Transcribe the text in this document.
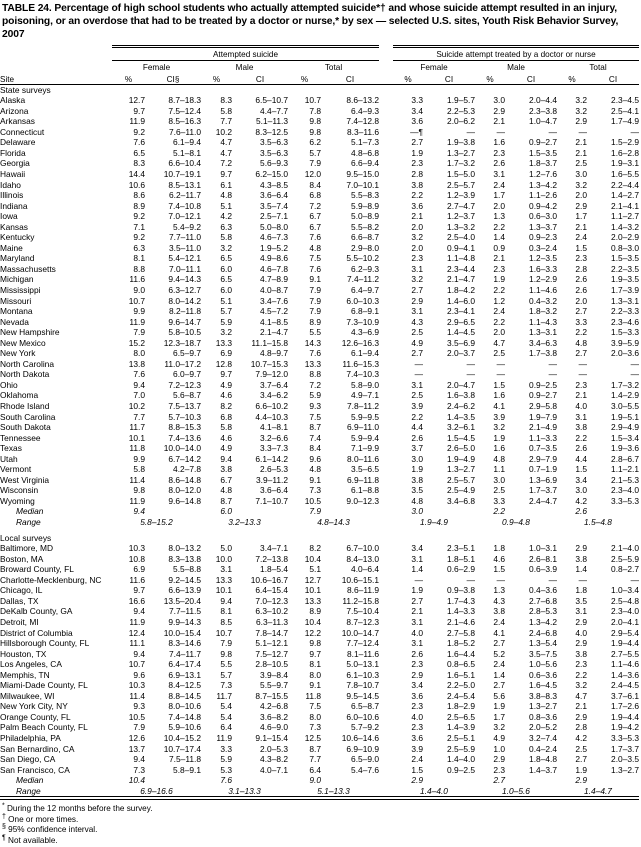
TABLE 24. Percentage of high school students who actually attempted suicide*† and whose suicide attempt resulted in an injury, poisoning, or an overdose that had to be treated by a doctor or nurse,* by sex — selected U.S. sites, Youth Risk Behavior Survey, 2007

	Attempted suicide							Suicide attempt treated by a doctor or nurse					

	Female		Male		Total			Female		Male		Total	
Site	%	CI§	%	CI	%	CI		%	CI	%	CI	%	CI
State surveys													
Alaska	12.7	8.7–18.3	8.3	6.5–10.7	10.7	8.6–13.2		3.3	1.9–5.7	3.0	2.0–4.4	3.2	2.3–4.5
Arizona	9.7	7.5–12.4	5.8	4.4–7.7	7.8	6.4–9.3		3.4	2.2–5.3	2.9	2.3–3.8	3.2	2.5–4.1
Arkansas	11.9	8.5–16.3	7.7	5.1–11.3	9.8	7.4–12.8		3.6	2.0–6.2	2.1	1.0–4.7	2.9	1.7–4.9
Connecticut	9.2	7.6–11.0	10.2	8.3–12.5	9.8	8.3–11.6		—¶	—	—	—	—	—
Delaware	7.6	6.1–9.4	4.7	3.5–6.3	6.2	5.1–7.3		2.7	1.9–3.8	1.6	0.9–2.7	2.1	1.5–2.9
Florida	6.5	5.1–8.1	4.7	3.5–6.3	5.7	4.8–6.8		1.9	1.3–2.7	2.3	1.5–3.5	2.1	1.6–2.8
Georgia	8.3	6.6–10.4	7.2	5.6–9.3	7.9	6.6–9.4		2.3	1.7–3.2	2.6	1.8–3.7	2.5	1.9–3.1
Hawaii	14.4	10.7–19.1	9.7	6.2–15.0	12.0	9.5–15.0		2.8	1.5–5.0	3.1	1.2–7.6	3.0	1.6–5.5
Idaho	10.6	8.5–13.1	6.1	4.3–8.5	8.4	7.0–10.1		3.8	2.5–5.7	2.4	1.3–4.2	3.2	2.2–4.4
Illinois	8.6	6.2–11.7	4.8	3.6–6.4	6.8	5.5–8.3		2.2	1.2–3.9	1.7	1.1–2.6	2.0	1.4–2.7
Indiana	8.9	7.4–10.8	5.1	3.5–7.4	7.2	5.9–8.9		3.6	2.7–4.7	2.0	0.9–4.2	2.9	2.1–4.1
Iowa	9.2	7.0–12.1	4.2	2.5–7.1	6.7	5.0–8.9		2.1	1.2–3.7	1.3	0.6–3.0	1.7	1.1–2.7
Kansas	7.1	5.4–9.2	6.3	5.0–8.0	6.7	5.5–8.2		2.0	1.3–3.2	2.2	1.3–3.7	2.1	1.4–3.2
Kentucky	9.2	7.7–11.0	5.8	4.6–7.3	7.6	6.6–8.7		3.2	2.5–4.0	1.4	0.9–2.3	2.4	2.0–2.9
Maine	6.3	3.5–11.0	3.2	1.9–5.2	4.8	2.9–8.0		2.0	0.9–4.1	0.9	0.3–2.4	1.5	0.8–3.0
Maryland	8.1	5.4–12.1	6.5	4.9–8.6	7.5	5.5–10.2		2.3	1.1–4.8	2.1	1.2–3.5	2.3	1.5–3.5
Massachusetts	8.8	7.0–11.1	6.0	4.6–7.8	7.6	6.2–9.3		3.1	2.3–4.4	2.3	1.6–3.3	2.8	2.2–3.5
Michigan	11.6	9.4–14.3	6.5	4.7–8.9	9.1	7.4–11.2		3.2	2.1–4.7	1.9	1.2–2.9	2.6	1.9–3.5
Mississippi	9.0	6.3–12.7	6.0	4.0–8.7	7.9	6.4–9.7		2.7	1.8–4.2	2.2	1.1–4.6	2.6	1.7–3.9
Missouri	10.7	8.0–14.2	5.1	3.4–7.6	7.9	6.0–10.3		2.9	1.4–6.0	1.2	0.4–3.2	2.0	1.3–3.1
Montana	9.9	8.2–11.8	5.7	4.5–7.2	7.9	6.8–9.1		3.1	2.3–4.1	2.4	1.8–3.2	2.7	2.2–3.3
Nevada	11.9	9.6–14.7	5.9	4.1–8.5	8.9	7.3–10.9		4.3	2.9–6.5	2.2	1.1–4.3	3.3	2.3–4.6
New Hampshire	7.9	5.8–10.5	3.2	2.1–4.7	5.5	4.3–6.9		2.5	1.4–4.5	2.0	1.3–3.1	2.2	1.5–3.3
New Mexico	15.2	12.3–18.7	13.3	11.1–15.8	14.3	12.6–16.3		4.9	3.5–6.9	4.7	3.4–6.3	4.8	3.9–5.9
New York	8.0	6.5–9.7	6.9	4.8–9.7	7.6	6.1–9.4		2.7	2.0–3.7	2.5	1.7–3.8	2.7	2.0–3.6
North Carolina	13.8	11.0–17.2	12.8	10.7–15.3	13.3	11.6–15.3		—	—	—	—	—	—
North Dakota	7.6	6.0–9.7	9.7	7.9–12.0	8.8	7.4–10.3		—	—	—	—	—	—
Ohio	9.4	7.2–12.3	4.9	3.7–6.4	7.2	5.8–9.0		3.1	2.0–4.7	1.5	0.9–2.5	2.3	1.7–3.2
Oklahoma	7.0	5.6–8.7	4.6	3.4–6.2	5.9	4.9–7.1		2.5	1.6–3.8	1.6	0.9–2.7	2.1	1.4–2.9
Rhode Island	10.2	7.5–13.7	8.2	6.6–10.2	9.3	7.8–11.2		3.9	2.4–6.2	4.1	2.9–5.8	4.0	3.0–5.5
South Carolina	7.7	5.7–10.3	6.8	4.4–10.3	7.5	5.9–9.5		2.2	1.4–3.5	3.9	1.9–7.9	3.1	1.9–5.1
South Dakota	11.7	8.8–15.3	5.8	4.1–8.1	8.7	6.9–11.0		4.4	3.2–6.1	3.2	2.1–4.9	3.8	2.9–4.9
Tennessee	10.1	7.4–13.6	4.6	3.2–6.6	7.4	5.9–9.4		2.6	1.5–4.5	1.9	1.1–3.3	2.2	1.5–3.4
Texas	11.8	10.0–14.0	4.9	3.3–7.3	8.4	7.1–9.9		3.7	2.6–5.0	1.6	0.7–3.5	2.6	1.9–3.6
Utah	9.9	6.7–14.2	9.4	6.1–14.2	9.6	8.0–11.6		3.0	1.9–4.9	4.8	2.9–7.9	4.4	2.8–6.7
Vermont	5.8	4.2–7.8	3.8	2.6–5.3	4.8	3.5–6.5		1.9	1.3–2.7	1.1	0.7–1.9	1.5	1.1–2.1
West Virginia	11.4	8.6–14.8	6.7	3.9–11.2	9.1	6.9–11.8		3.8	2.5–5.7	3.0	1.3–6.9	3.4	2.1–5.3
Wisconsin	9.8	8.0–12.0	4.8	3.6–6.4	7.3	6.1–8.8		3.5	2.5–4.9	2.5	1.7–3.7	3.0	2.3–4.0
Wyoming	11.9	9.6–14.8	8.7	7.1–10.7	10.5	9.0–12.3		4.8	3.4–6.8	3.3	2.4–4.7	4.2	3.3–5.3
Median	9.4		6.0		7.9			3.0		2.2		2.6	
Range	5.8–15.2		3.2–13.3		4.8–14.3			1.9–4.9		0.9–4.8		1.5–4.8	

Local surveys													
Baltimore, MD	10.3	8.0–13.2	5.0	3.4–7.1	8.2	6.7–10.0		3.4	2.3–5.1	1.8	1.0–3.1	2.9	2.1–4.0
Boston, MA	10.8	8.3–13.8	10.0	7.2–13.8	10.4	8.4–13.0		3.1	1.8–5.1	4.6	2.6–8.1	3.8	2.5–5.9
Broward County, FL	6.9	5.5–8.8	3.1	1.8–5.4	5.1	4.0–6.4		1.4	0.6–2.9	1.5	0.6–3.9	1.4	0.8–2.7
Charlotte-Mecklenburg, NC	11.6	9.2–14.5	13.3	10.6–16.7	12.7	10.6–15.1		—	—	—	—	—	—
Chicago, IL	9.7	6.6–13.9	10.1	6.4–15.4	10.1	8.6–11.9		1.9	0.9–3.8	1.3	0.4–3.6	1.8	1.0–3.4
Dallas, TX	16.6	13.5–20.4	9.4	7.0–12.3	13.3	11.2–15.8		2.7	1.7–4.3	4.3	2.7–6.8	3.5	2.5–4.8
DeKalb County, GA	9.4	7.7–11.5	8.1	6.3–10.2	8.9	7.5–10.4		2.1	1.4–3.3	3.8	2.8–5.3	3.1	2.3–4.0
Detroit, MI	11.9	9.9–14.3	8.5	6.3–11.3	10.4	8.7–12.3		3.1	2.1–4.6	2.4	1.3–4.2	2.9	2.0–4.1
District of Columbia	12.4	10.0–15.4	10.7	7.8–14.7	12.2	10.0–14.7		4.0	2.7–5.8	4.1	2.4–6.8	4.0	2.9–5.4
Hillsborough County, FL	11.1	8.3–14.6	7.9	5.1–12.1	9.8	7.7–12.4		3.1	1.8–5.2	2.7	1.3–5.4	2.9	1.9–4.4
Houston, TX	9.4	7.4–11.7	9.8	7.5–12.7	9.7	8.1–11.6		2.6	1.6–4.4	5.2	3.5–7.5	3.8	2.7–5.5
Los Angeles, CA	10.7	6.4–17.4	5.5	2.8–10.5	8.1	5.0–13.1		2.3	0.8–6.5	2.4	1.0–5.6	2.3	1.1–4.6
Memphis, TN	9.6	6.9–13.1	5.7	3.9–8.4	8.0	6.1–10.3		2.9	1.6–5.1	1.4	0.6–3.6	2.2	1.4–3.6
Miami-Dade County, FL	10.3	8.4–12.5	7.3	5.5–9.7	9.1	7.8–10.7		3.4	2.2–5.0	2.7	1.6–4.5	3.2	2.4–4.5
Milwaukee, WI	11.4	8.8–14.5	11.7	8.7–15.5	11.8	9.5–14.5		3.6	2.4–5.4	5.6	3.8–8.3	4.7	3.7–6.1
New York City, NY	9.3	8.0–10.6	5.4	4.2–6.8	7.5	6.5–8.7		2.3	1.8–2.9	1.9	1.3–2.7	2.1	1.7–2.6
Orange County, FL	10.5	7.4–14.8	5.4	3.6–8.2	8.0	6.0–10.6		4.0	2.5–6.5	1.7	0.8–3.6	2.9	1.9–4.4
Palm Beach County, FL	7.9	5.9–10.6	6.4	4.6–9.0	7.3	5.7–9.2		2.3	1.4–3.9	3.2	2.0–5.2	2.8	1.9–4.2
Philadelphia, PA	12.6	10.4–15.2	11.9	9.1–15.4	12.5	10.6–14.6		3.6	2.5–5.1	4.9	3.2–7.4	4.2	3.3–5.3
San Bernardino, CA	13.7	10.7–17.4	3.3	2.0–5.3	8.7	6.9–10.9		3.9	2.5–5.9	1.0	0.4–2.4	2.5	1.7–3.7
San Diego, CA	9.4	7.5–11.8	5.9	4.3–8.2	7.7	6.5–9.0		2.4	1.4–4.0	2.9	1.8–4.8	2.7	2.0–3.5
San Francisco, CA	7.3	5.8–9.1	5.3	4.0–7.1	6.4	5.4–7.6		1.5	0.9–2.5	2.3	1.4–3.7	1.9	1.3–2.7
Median	10.4		7.6		9.0			2.9		2.7		2.9	
Range	6.9–16.6		3.1–13.3		5.1–13.3			1.4–4.0		1.0–5.6		1.4–4.7	

* During the 12 months before the survey.
† One or more times.
§ 95% confidence interval.
¶ Not available.
